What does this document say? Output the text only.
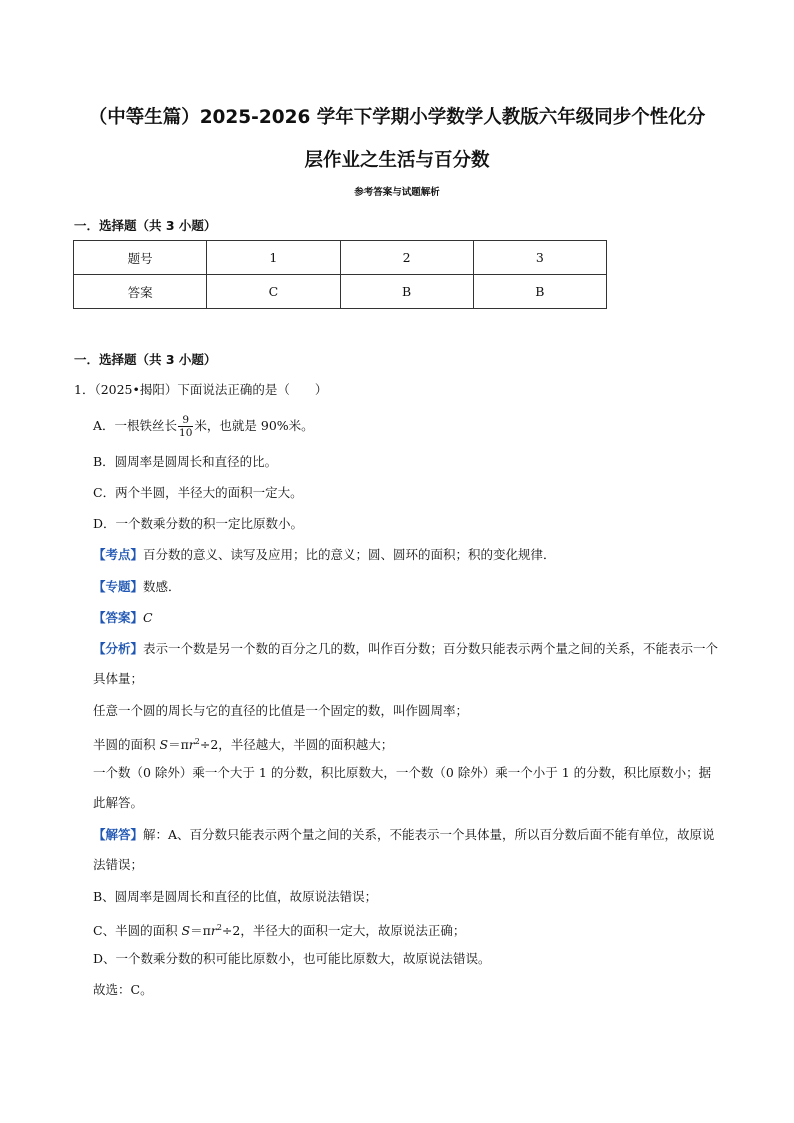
（中等生篇）2025-2026 学年下学期小学数学人教版六年级同步个性化分
层作业之生活与百分数
参考答案与试题解析
一．选择题（共 3 小题）
题号	1	2	3
答案	C	B	B
一．选择题（共 3 小题）
1．（2025•揭阳）下面说法正确的是（　　）
A．一根铁丝长 $\frac{9}{10}$ 米，也就是 90%米。
B．圆周率是圆周长和直径的比。
C．两个半圆，半径大的面积一定大。
D．一个数乘分数的积一定比原数小。
【考点】百分数的意义、读写及应用；比的意义；圆、圆环的面积；积的变化规律．
【专题】数感．
【答案】C
【分析】表示一个数是另一个数的百分之几的数，叫作百分数；百分数只能表示两个量之间的关系，不能表示一个具体量；
任意一个圆的周长与它的直径的比值是一个固定的数，叫作圆周率；
半圆的面积 $S=\pi r^2\div 2$，半径越大，半圆的面积越大；
一个数（0 除外）乘一个大于 1 的分数，积比原数大，一个数（0 除外）乘一个小于 1 的分数，积比原数小；据此解答。
【解答】解：A、百分数只能表示两个量之间的关系，不能表示一个具体量，所以百分数后面不能有单位，故原说法错误；
B、圆周率是圆周长和直径的比值，故原说法错误；
C、半圆的面积 $S=\pi r^2\div 2$，半径大的面积一定大，故原说法正确；
D、一个数乘分数的积可能比原数小，也可能比原数大，故原说法错误。
故选：C。
